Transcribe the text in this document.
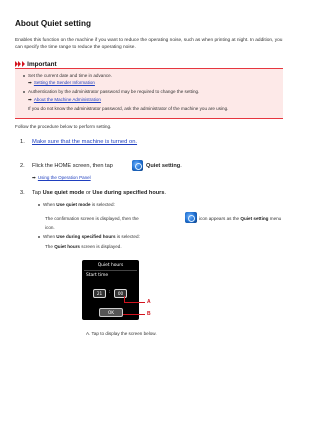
About Quiet setting

Enables this function on the machine if you want to reduce the operating noise, such as when printing at night. In addition, you can specify the time range to reduce the operating noise.

Important
Set the current date and time in advance.
➡ Setting the Sender Information
Authentication by the administrator password may be required to change the setting.
➡ About the Machine Administration
If you do not know the administrator password, ask the administrator of the machine you are using.

Follow the procedure below to perform setting.

1. Make sure that the machine is turned on.
2. Flick the HOME screen, then tap	Quiet setting.
➡ Using the Operation Panel
3. Tap Use quiet mode or Use during specified hours.
When Use quiet mode is selected:
The confirmation screen is displayed, then the	icon appears as the Quiet setting menu
icon.
When Use during specified hours is selected:
The Quiet hours screen is displayed.
Quiet hours
Start time
21	:	00
OK
A
B
A. Tap to display the screen below.
